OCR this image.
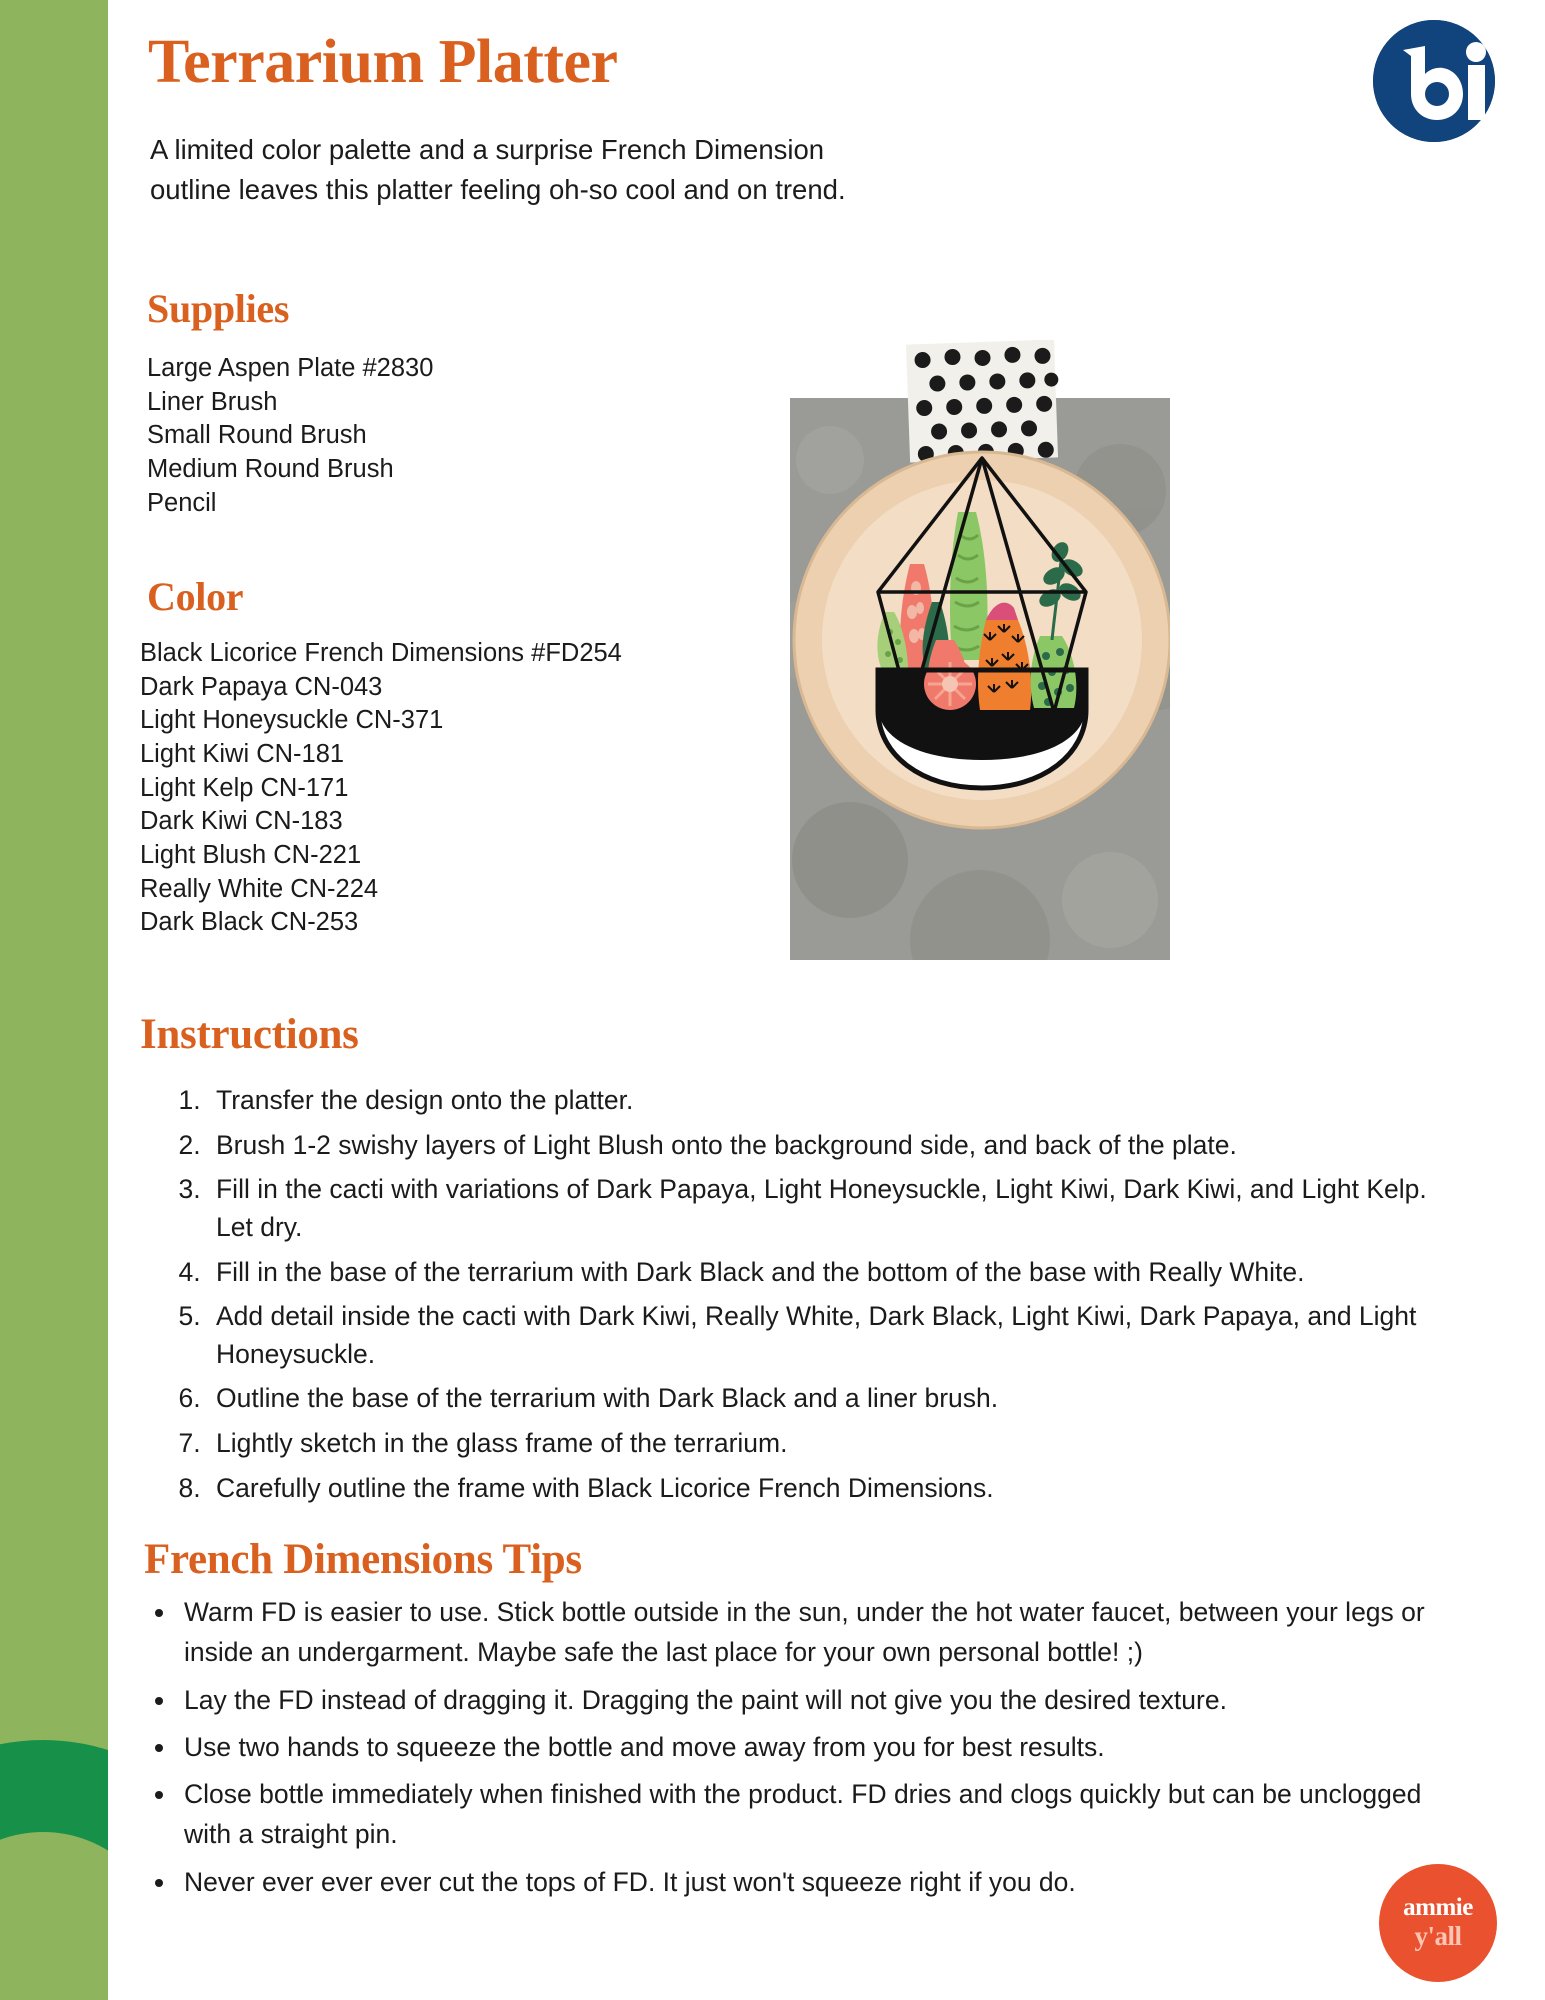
Terrarium Platter
A limited color palette and a surprise French Dimension outline leaves this platter feeling oh-so cool and on trend.
Supplies
Large Aspen Plate #2830
Liner Brush
Small Round Brush
Medium Round Brush
Pencil
Color
Black Licorice French Dimensions #FD254
Dark Papaya CN-043
Light Honeysuckle CN-371
Light Kiwi CN-181
Light Kelp CN-171
Dark Kiwi CN-183
Light Blush CN-221
Really White CN-224
Dark Black CN-253
Instructions
1. Transfer the design onto the platter.
2. Brush 1-2 swishy layers of Light Blush onto the background side, and back of the plate.
3. Fill in the cacti with variations of Dark Papaya, Light Honeysuckle, Light Kiwi, Dark Kiwi, and Light Kelp. Let dry.
4. Fill in the base of the terrarium with Dark Black and the bottom of the base with Really White.
5. Add detail inside the cacti with Dark Kiwi, Really White, Dark Black, Light Kiwi, Dark Papaya, and Light Honeysuckle.
6. Outline the base of the terrarium with Dark Black and a liner brush.
7. Lightly sketch in the glass frame of the terrarium.
8. Carefully outline the frame with Black Licorice French Dimensions.
French Dimensions Tips
• Warm FD is easier to use. Stick bottle outside in the sun, under the hot water faucet, between your legs or inside an undergarment. Maybe safe the last place for your own personal bottle! ;)
• Lay the FD instead of dragging it. Dragging the paint will not give you the desired texture.
• Use two hands to squeeze the bottle and move away from you for best results.
• Close bottle immediately when finished with the product. FD dries and clogs quickly but can be unclogged with a straight pin.
• Never ever ever ever cut the tops of FD. It just won't squeeze right if you do.
ammie
y'all
